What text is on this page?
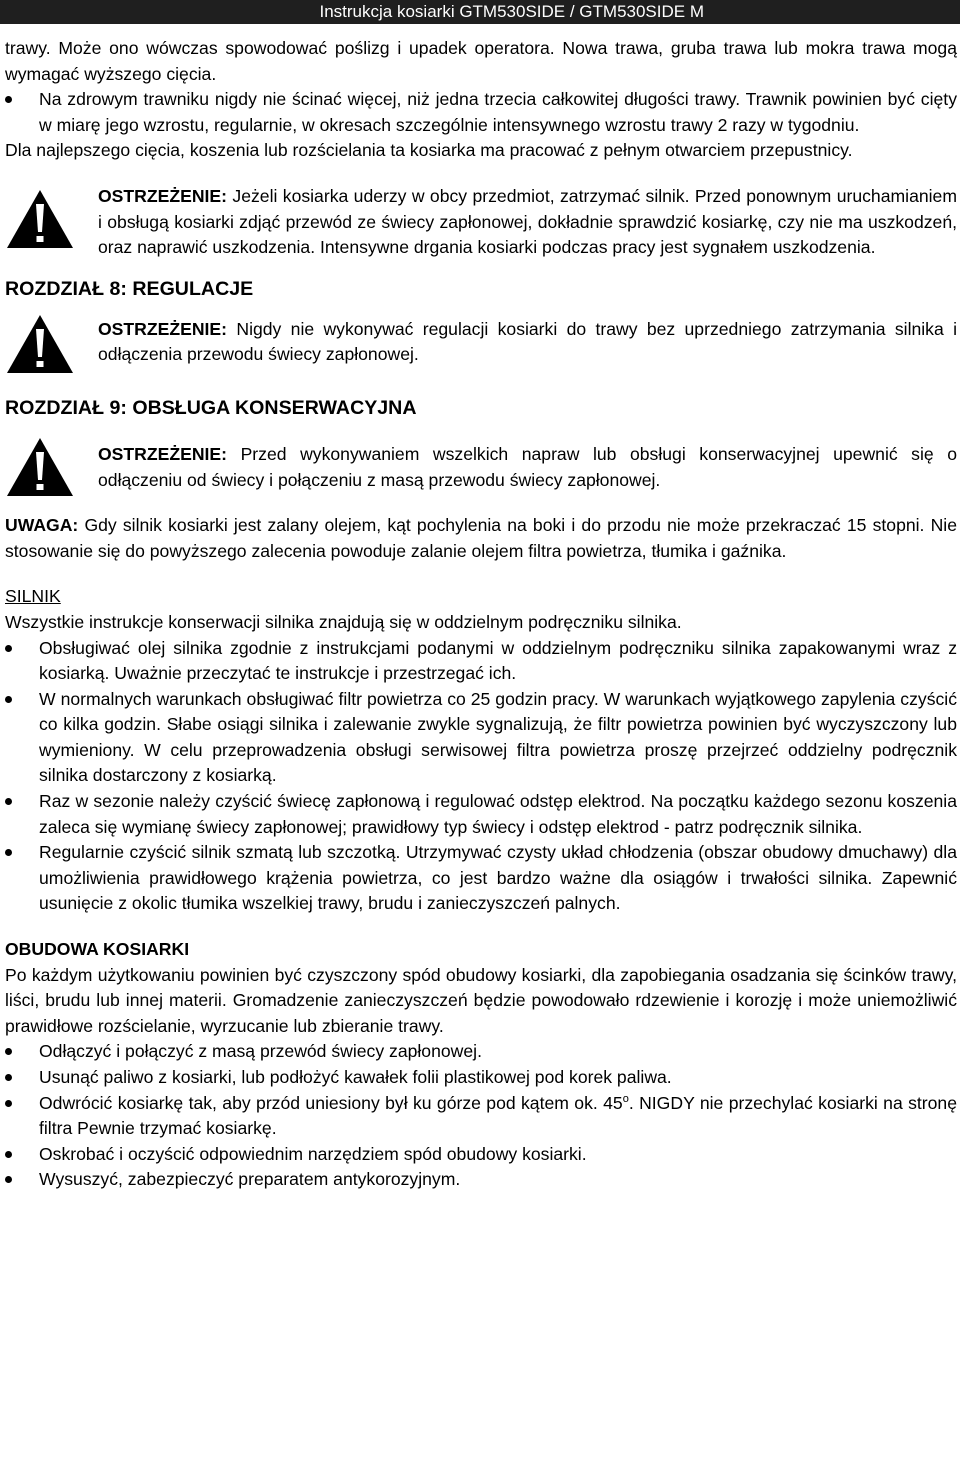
Instrukcja kosiarki GTM530SIDE / GTM530SIDE M

trawy. Może ono wówczas spowodować poślizg i upadek operatora. Nowa trawa, gruba trawa lub mokra trawa mogą wymagać wyższego cięcia.

Na zdrowym trawniku nigdy nie ścinać więcej, niż jedna trzecia całkowitej długości trawy. Trawnik powinien być cięty w miarę jego wzrostu, regularnie, w okresach szczególnie intensywnego wzrostu trawy 2 razy w tygodniu.

Dla najlepszego cięcia, koszenia lub rozścielania ta kosiarka ma pracować z pełnym otwarciem przepustnicy.

OSTRZEŻENIE: Jeżeli kosiarka uderzy w obcy przedmiot, zatrzymać silnik. Przed ponownym uruchamianiem i obsługą kosiarki zdjąć przewód ze świecy zapłonowej, dokładnie sprawdzić kosiarkę, czy nie ma uszkodzeń, oraz naprawić uszkodzenia. Intensywne drgania kosiarki podczas pracy jest sygnałem uszkodzenia.

ROZDZIAŁ 8: REGULACJE

OSTRZEŻENIE: Nigdy nie wykonywać regulacji kosiarki do trawy bez uprzedniego zatrzymania silnika i odłączenia przewodu świecy zapłonowej.

ROZDZIAŁ 9: OBSŁUGA KONSERWACYJNA

OSTRZEŻENIE: Przed wykonywaniem wszelkich napraw lub obsługi konserwacyjnej upewnić się o odłączeniu od świecy i połączeniu z masą przewodu świecy zapłonowej.

UWAGA: Gdy silnik kosiarki jest zalany olejem, kąt pochylenia na boki i do przodu nie może przekraczać 15 stopni. Nie stosowanie się do powyższego zalecenia powoduje zalanie olejem filtra powietrza, tłumika i gaźnika.

SILNIK

Wszystkie instrukcje konserwacji silnika znajdują się w oddzielnym podręczniku silnika.

Obsługiwać olej silnika zgodnie z instrukcjami podanymi w oddzielnym podręczniku silnika zapakowanymi wraz z kosiarką. Uważnie przeczytać te instrukcje i przestrzegać ich.
W normalnych warunkach obsługiwać filtr powietrza co 25 godzin pracy. W warunkach wyjątkowego zapylenia czyścić co kilka godzin. Słabe osiągi silnika i zalewanie zwykle sygnalizują, że filtr powietrza powinien być wyczyszczony lub wymieniony. W celu przeprowadzenia obsługi serwisowej filtra powietrza proszę przejrzeć oddzielny podręcznik silnika dostarczony z kosiarką.
Raz w sezonie należy czyścić świecę zapłonową i regulować odstęp elektrod. Na początku każdego sezonu koszenia zaleca się wymianę świecy zapłonowej; prawidłowy typ świecy i odstęp elektrod - patrz podręcznik silnika.
Regularnie czyścić silnik szmatą lub szczotką. Utrzymywać czysty układ chłodzenia (obszar obudowy dmuchawy) dla umożliwienia prawidłowego krążenia powietrza, co jest bardzo ważne dla osiągów i trwałości silnika. Zapewnić usunięcie z okolic tłumika wszelkiej trawy, brudu i zanieczyszczeń palnych.
OBUDOWA KOSIARKI

Po każdym użytkowaniu powinien być czyszczony spód obudowy kosiarki, dla zapobiegania osadzania się ścinków trawy, liści, brudu lub innej materii. Gromadzenie zanieczyszczeń będzie powodowało rdzewienie i korozję i może uniemożliwić prawidłowe rozścielanie, wyrzucanie lub zbieranie trawy.

Odłączyć i połączyć z masą przewód świecy zapłonowej.
Usunąć paliwo z kosiarki, lub podłożyć kawałek folii plastikowej pod korek paliwa.
Odwrócić kosiarkę tak, aby przód uniesiony był ku górze pod kątem ok. 45$^o$. NIGDY nie przechylać kosiarki na stronę filtra Pewnie trzymać kosiarkę.
Oskrobać i oczyścić odpowiednim narzędziem spód obudowy kosiarki.
Wysuszyć, zabezpieczyć preparatem antykorozyjnym.
